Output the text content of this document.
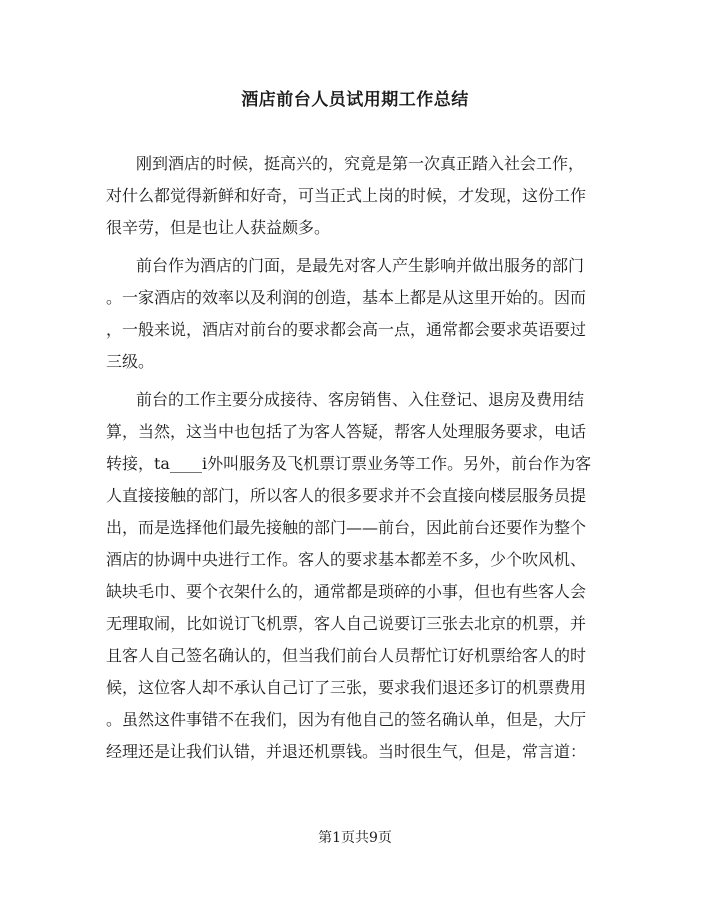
酒店前台人员试用期工作总结
刚到酒店的时候，挺高兴的，究竟是第一次真正踏入社会工作，
对什么都觉得新鲜和好奇，可当正式上岗的时候，才发现，这份工作
很辛劳，但是也让人获益颇多。
前台作为酒店的门面，是最先对客人产生影响并做出服务的部门
。一家酒店的效率以及利润的创造，基本上都是从这里开始的。因而
，一般来说，酒店对前台的要求都会高一点，通常都会要求英语要过
三级。
前台的工作主要分成接待、客房销售、入住登记、退房及费用结
算，当然，这当中也包括了为客人答疑，帮客人处理服务要求，电话
转接，ta____i外叫服务及飞机票订票业务等工作。另外，前台作为客
人直接接触的部门，所以客人的很多要求并不会直接向楼层服务员提
出，而是选择他们最先接触的部门——前台，因此前台还要作为整个
酒店的协调中央进行工作。客人的要求基本都差不多，少个吹风机、
缺块毛巾、要个衣架什么的，通常都是琐碎的小事，但也有些客人会
无理取闹，比如说订飞机票，客人自己说要订三张去北京的机票，并
且客人自己签名确认的，但当我们前台人员帮忙订好机票给客人的时
候，这位客人却不承认自己订了三张，要求我们退还多订的机票费用
。虽然这件事错不在我们，因为有他自己的签名确认单，但是，大厅
经理还是让我们认错，并退还机票钱。当时很生气，但是，常言道：
第1页共9页
